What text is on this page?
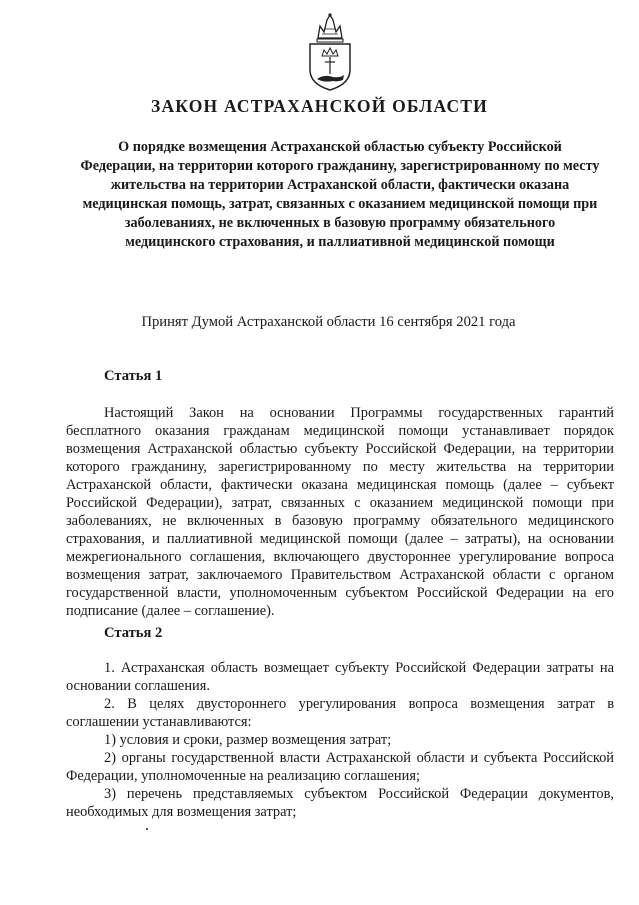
ЗАКОН АСТРАХАНСКОЙ ОБЛАСТИ
О порядке возмещения Астраханской областью субъекту Российской Федерации, на территории которого гражданину, зарегистрированному по месту жительства на территории Астраханской области, фактически оказана медицинская помощь, затрат, связанных с оказанием медицинской помощи при заболеваниях, не включенных в базовую программу обязательного медицинского страхования, и паллиативной медицинской помощи

Принят Думой Астраханской области 16 сентября 2021 года

Статья 1

Настоящий Закон на основании Программы государственных гарантий бесплатного оказания гражданам медицинской помощи устанавливает порядок возмещения Астраханской областью субъекту Российской Федерации, на территории которого гражданину, зарегистрированному по месту жительства на территории Астраханской области, фактически оказана медицинская помощь (далее – субъект Российской Федерации), затрат, связанных с оказанием медицинской помощи при заболеваниях, не включенных в базовую программу обязательного медицинского страхования, и паллиативной медицинской помощи (далее – затраты), на основании межрегионального соглашения, включающего двустороннее урегулирование вопроса возмещения затрат, заключаемого Правительством Астраханской области с органом государственной власти, уполномоченным субъектом Российской Федерации на его подписание (далее – соглашение).

Статья 2

1. Астраханская область возмещает субъекту Российской Федерации затраты на основании соглашения.

2. В целях двустороннего урегулирования вопроса возмещения затрат в соглашении устанавливаются:

1) условия и сроки, размер возмещения затрат;

2) органы государственной власти Астраханской области и субъекта Российской Федерации, уполномоченные на реализацию соглашения;

3) перечень представляемых субъектом Российской Федерации документов, необходимых для возмещения затрат;
